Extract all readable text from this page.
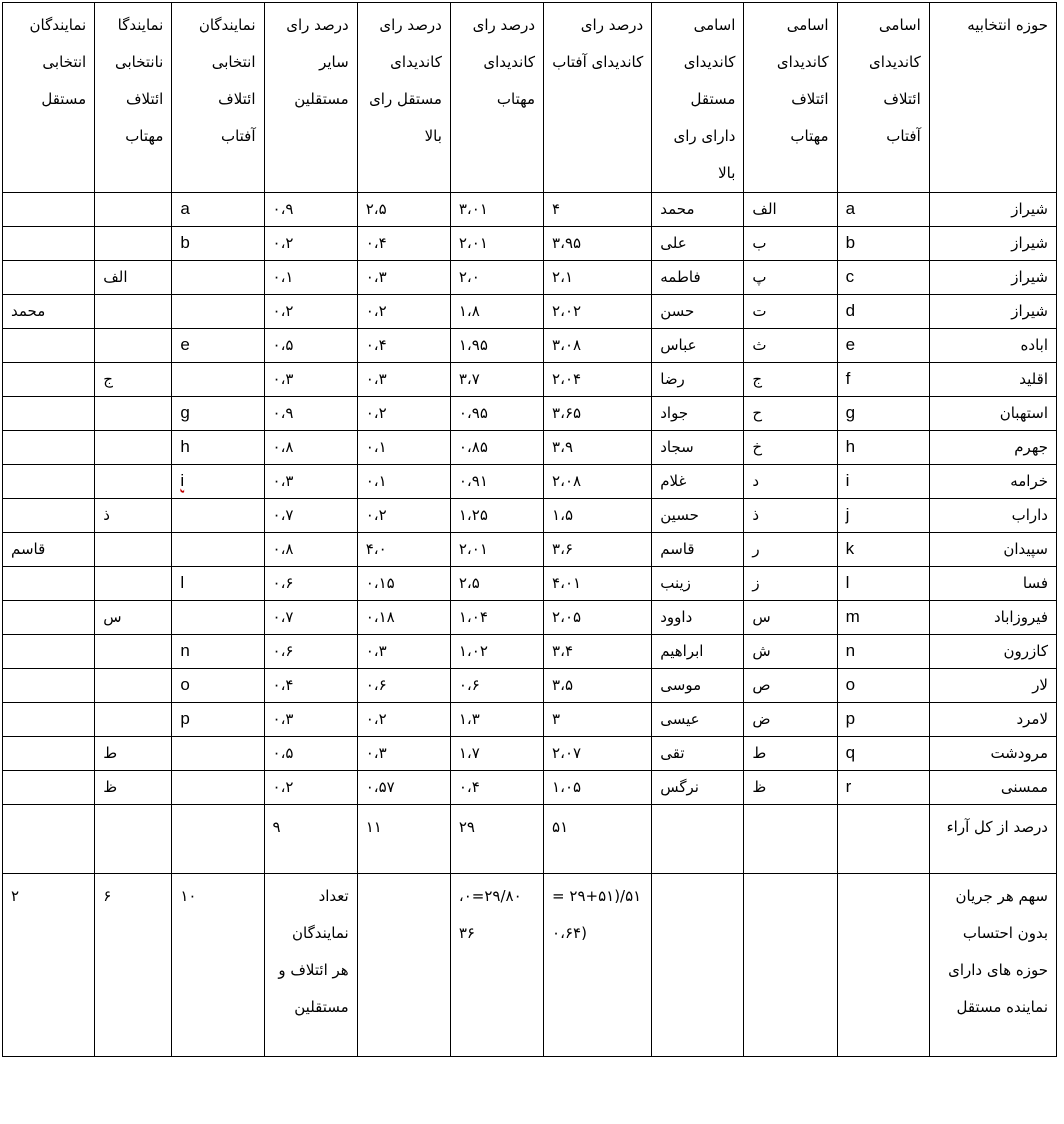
حوزه انتخابیه	اسامی کاندیدای ائتلاف آفتاب	اسامی کاندیدای ائتلاف مهتاب	اسامی کاندیدای مستقل دارای رای بالا	درصد رای کاندیدای آفتاب	درصد رای کاندیدای مهتاب	درصد رای کاندیدای مستقل رای بالا	درصد رای سایر مستقلین	نمایندگان انتخابی ائتلاف آفتاب	نمایندگا نانتخابی ائتلاف مهتاب	نمایندگان انتخابی مستقل
شیراز	a	الف	محمد	۴	۳،۰۱	۲،۵	۰،۹	a		
شیراز	b	ب	علی	۳،۹۵	۲،۰۱	۰،۴	۰،۲	b		
شیراز	c	پ	فاطمه	۲،۱	۲،۰	۰،۳	۰،۱		الف	
شیراز	d	ت	حسن	۲،۰۲	۱،۸	۰،۲	۰،۲			محمد
اباده	e	ث	عباس	۳،۰۸	۱،۹۵	۰،۴	۰،۵	e		
اقلید	f	ج	رضا	۲،۰۴	۳،۷	۰،۳	۰،۳		ج	
استهبان	g	ح	جواد	۳،۶۵	۰،۹۵	۰،۲	۰،۹	g		
جهرم	h	خ	سجاد	۳،۹	۰،۸۵	۰،۱	۰،۸	h		
خرامه	i	د	غلام	۲،۰۸	۰،۹۱	۰،۱	۰،۳	i		
داراب	j	ذ	حسین	۱،۵	۱،۲۵	۰،۲	۰،۷		ذ	
سپیدان	k	ر	قاسم	۳،۶	۲،۰۱	۴،۰	۰،۸			قاسم
فسا	l	ز	زینب	۴،۰۱	۲،۵	۰،۱۵	۰،۶	l		
فیروزاباد	m	س	داوود	۲،۰۵	۱،۰۴	۰،۱۸	۰،۷		س	
کازرون	n	ش	ابراهیم	۳،۴	۱،۰۲	۰،۳	۰،۶	n		
لار	o	ص	موسی	۳،۵	۰،۶	۰،۶	۰،۴	o		
لامرد	p	ض	عیسی	۳	۱،۳	۰،۲	۰،۳	p		
مرودشت	q	ط	تقی	۲،۰۷	۱،۷	۰،۳	۰،۵		ط	
ممسنی	r	ظ	نرگس	۱،۰۵	۰،۴	۰،۵۷	۰،۲		ظ	
درصد از کل آراء				۵۱	۲۹	۱۱	۹			
سهم هر جریان بدون احتساب حوزه های دارای نماینده مستقل				۵۱/(۲۹+۵۱ =(۰،۶۴	۲۹/۸۰=۰، ۳۶		تعداد نمایندگان هر ائتلاف و مستقلین	۱۰	۶	۲
